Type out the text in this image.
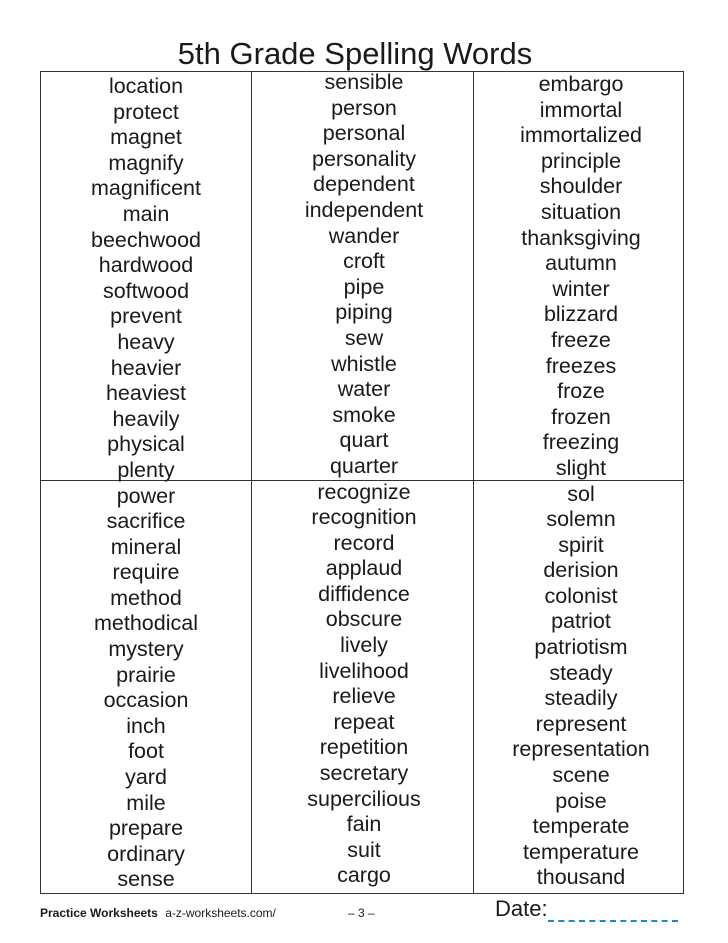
5th Grade Spelling Words
location
protect
magnet
magnify
magnificent
main
beechwood
hardwood
softwood
prevent
heavy
heavier
heaviest
heavily
physical
plenty
power
sacrifice
mineral
require
method
methodical
mystery
prairie
occasion
inch
foot
yard
mile
prepare
ordinary
sense
sensible
person
personal
personality
dependent
independent
wander
croft
pipe
piping
sew
whistle
water
smoke
quart
quarter
recognize
recognition
record
applaud
diffidence
obscure
lively
livelihood
relieve
repeat
repetition
secretary
supercilious
fain
suit
cargo
embargo
immortal
immortalized
principle
shoulder
situation
thanksgiving
autumn
winter
blizzard
freeze
freezes
froze
frozen
freezing
slight
sol
solemn
spirit
derision
colonist
patriot
patriotism
steady
steadily
represent
representation
scene
poise
temperate
temperature
thousand
Practice Worksheets a-z-worksheets.com/	– 3 –	Date:
